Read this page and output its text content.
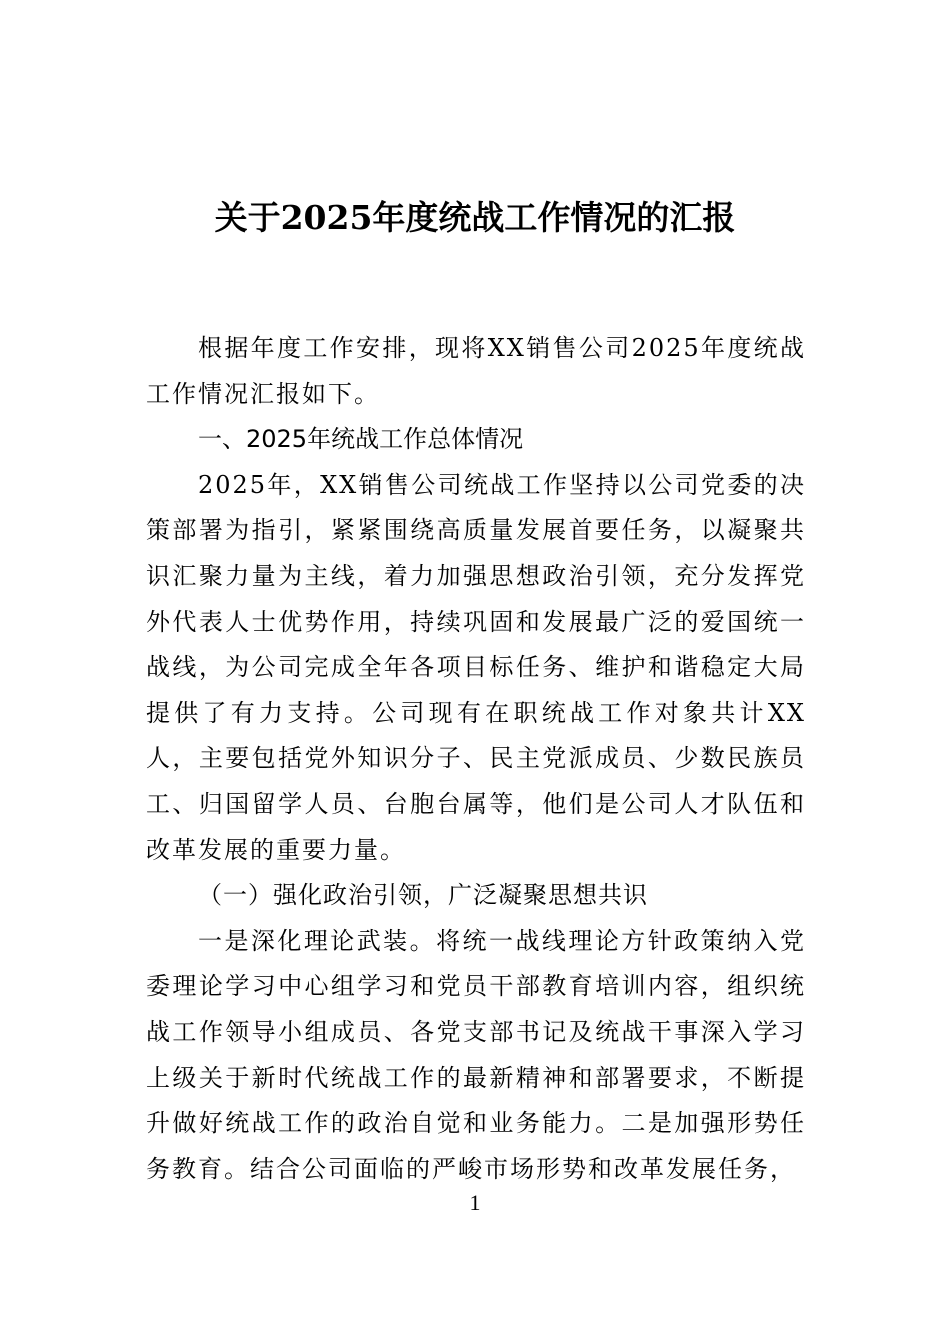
关于2025年度统战工作情况的汇报

根据年度工作安排，现将XX销售公司2025年度统战工作情况汇报如下。

一、2025年统战工作总体情况

2025年，XX销售公司统战工作坚持以公司党委的决策部署为指引，紧紧围绕高质量发展首要任务，以凝聚共识汇聚力量为主线，着力加强思想政治引领，充分发挥党外代表人士优势作用，持续巩固和发展最广泛的爱国统一战线，为公司完成全年各项目标任务、维护和谐稳定大局提供了有力支持。公司现有在职统战工作对象共计XX人，主要包括党外知识分子、民主党派成员、少数民族员工、归国留学人员、台胞台属等，他们是公司人才队伍和改革发展的重要力量。

（一）强化政治引领，广泛凝聚思想共识

一是深化理论武装。将统一战线理论方针政策纳入党委理论学习中心组学习和党员干部教育培训内容，组织统战工作领导小组成员、各党支部书记及统战干事深入学习上级关于新时代统战工作的最新精神和部署要求，不断提升做好统战工作的政治自觉和业务能力。二是加强形势任务教育。结合公司面临的严峻市场形势和改革发展任务，

1
